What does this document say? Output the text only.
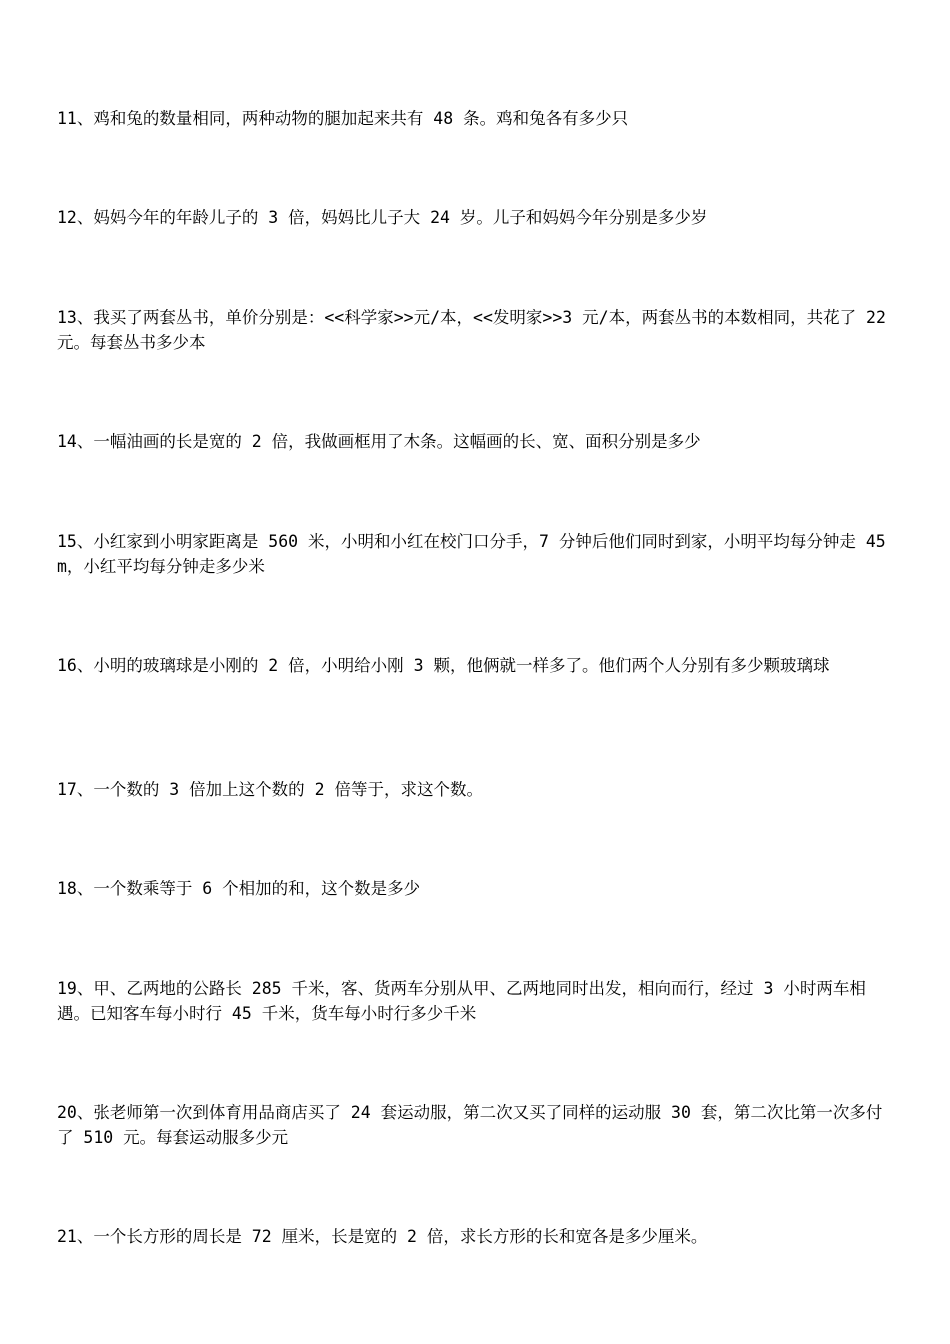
11、鸡和兔的数量相同，两种动物的腿加起来共有 48 条。鸡和兔各有多少只

12、妈妈今年的年龄儿子的 3 倍，妈妈比儿子大 24 岁。儿子和妈妈今年分别是多少岁

13、我买了两套丛书，单价分别是：<<科学家>>元/本，<<发明家>>3 元/本，两套丛书的本数相同，共花了 22 元。每套丛书多少本

14、一幅油画的长是宽的 2 倍，我做画框用了木条。这幅画的长、宽、面积分别是多少

15、小红家到小明家距离是 560 米，小明和小红在校门口分手，7 分钟后他们同时到家，小明平均每分钟走 45m，小红平均每分钟走多少米

16、小明的玻璃球是小刚的 2 倍，小明给小刚 3 颗，他俩就一样多了。他们两个人分别有多少颗玻璃球

17、一个数的 3 倍加上这个数的 2 倍等于，求这个数。

18、一个数乘等于 6 个相加的和，这个数是多少

19、甲、乙两地的公路长 285 千米，客、货两车分别从甲、乙两地同时出发，相向而行，经过 3 小时两车相遇。已知客车每小时行 45 千米，货车每小时行多少千米

20、张老师第一次到体育用品商店买了 24 套运动服，第二次又买了同样的运动服 30 套，第二次比第一次多付了 510 元。每套运动服多少元

21、一个长方形的周长是 72 厘米，长是宽的 2 倍，求长方形的长和宽各是多少厘米。
